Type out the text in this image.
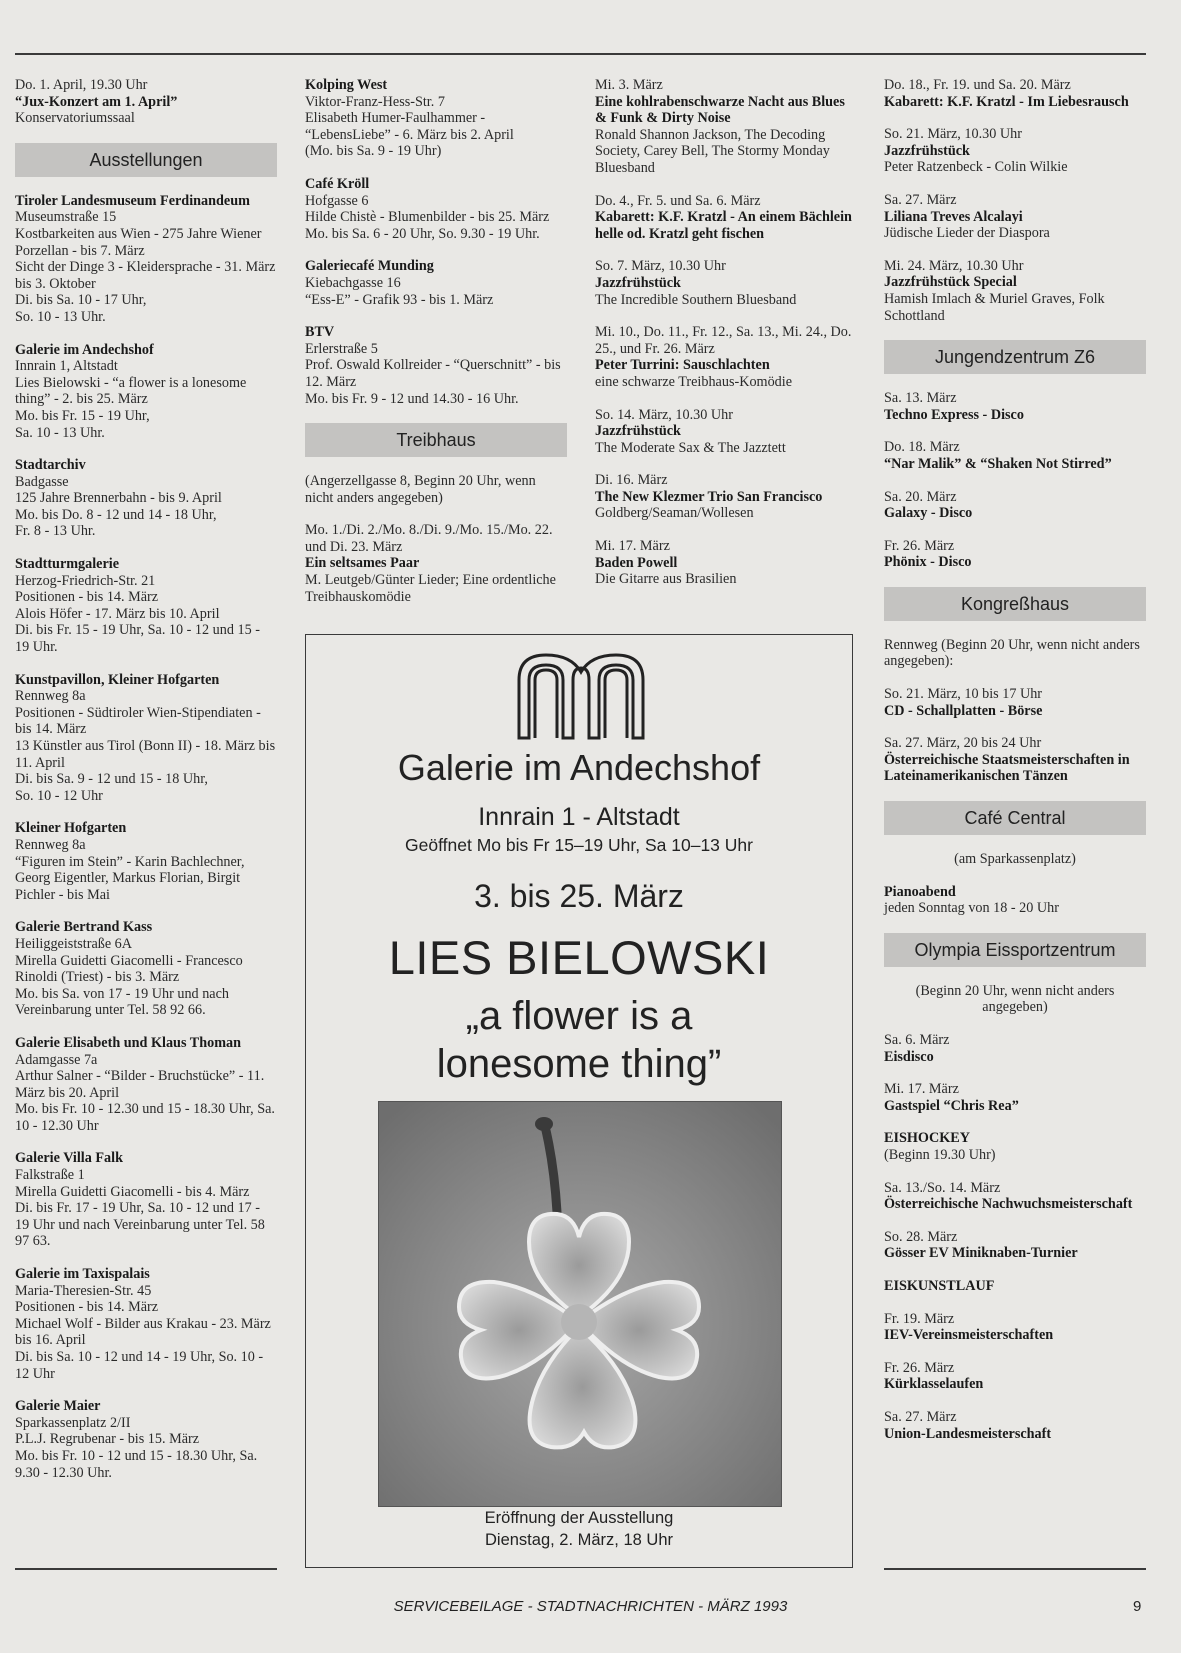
Do. 1. April, 19.30 Uhr
“Jux-Konzert am 1. April”
Konservatoriumssaal
Ausstellungen
Tiroler Landesmuseum Ferdinandeum
Museumstraße 15
Kostbarkeiten aus Wien - 275 Jahre Wiener Porzellan - bis 7. März
Sicht der Dinge 3 - Kleidersprache - 31. März bis 3. Oktober
Di. bis Sa. 10 - 17 Uhr,
So. 10 - 13 Uhr.
Galerie im Andechshof
Innrain 1, Altstadt
Lies Bielowski - “a flower is a lonesome thing” - 2. bis 25. März
Mo. bis Fr. 15 - 19 Uhr,
Sa. 10 - 13 Uhr.
Stadtarchiv
Badgasse
125 Jahre Brennerbahn - bis 9. April
Mo. bis Do. 8 - 12 und 14 - 18 Uhr,
Fr. 8 - 13 Uhr.
Stadtturmgalerie
Herzog-Friedrich-Str. 21
Positionen - bis 14. März
Alois Höfer - 17. März bis 10. April
Di. bis Fr. 15 - 19 Uhr, Sa. 10 - 12 und 15 - 19 Uhr.
Kunstpavillon, Kleiner Hofgarten
Rennweg 8a
Positionen - Südtiroler Wien-Stipendiaten - bis 14. März
13 Künstler aus Tirol (Bonn II) - 18. März bis 11. April
Di. bis Sa. 9 - 12 und 15 - 18 Uhr,
So. 10 - 12 Uhr
Kleiner Hofgarten
Rennweg 8a
“Figuren im Stein” - Karin Bachlechner, Georg Eigentler, Markus Florian, Birgit Pichler - bis Mai
Galerie Bertrand Kass
Heiliggeiststraße 6A
Mirella Guidetti Giacomelli - Francesco Rinoldi (Triest) - bis 3. März
Mo. bis Sa. von 17 - 19 Uhr und nach Vereinbarung unter Tel. 58 92 66.
Galerie Elisabeth und Klaus Thoman
Adamgasse 7a
Arthur Salner - “Bilder - Bruchstücke” - 11. März bis 20. April
Mo. bis Fr. 10 - 12.30 und 15 - 18.30 Uhr, Sa. 10 - 12.30 Uhr
Galerie Villa Falk
Falkstraße 1
Mirella Guidetti Giacomelli - bis 4. März
Di. bis Fr. 17 - 19 Uhr, Sa. 10 - 12 und 17 - 19 Uhr und nach Vereinbarung unter Tel. 58 97 63.
Galerie im Taxispalais
Maria-Theresien-Str. 45
Positionen - bis 14. März
Michael Wolf - Bilder aus Krakau - 23. März bis 16. April
Di. bis Sa. 10 - 12 und 14 - 19 Uhr, So. 10 - 12 Uhr
Galerie Maier
Sparkassenplatz 2/II
P.L.J. Regrubenar - bis 15. März
Mo. bis Fr. 10 - 12 und 15 - 18.30 Uhr, Sa. 9.30 - 12.30 Uhr.
Kolping West
Viktor-Franz-Hess-Str. 7
Elisabeth Humer-Faulhammer - “LebensLiebe” - 6. März bis 2. April
(Mo. bis Sa. 9 - 19 Uhr)
Café Kröll
Hofgasse 6
Hilde Chistè - Blumenbilder - bis 25. März
Mo. bis Sa. 6 - 20 Uhr, So. 9.30 - 19 Uhr.
Galeriecafé Munding
Kiebachgasse 16
“Ess-E” - Grafik 93 - bis 1. März
BTV
Erlerstraße 5
Prof. Oswald Kollreider - “Querschnitt” - bis 12. März
Mo. bis Fr. 9 - 12 und 14.30 - 16 Uhr.
Treibhaus
(Angerzellgasse 8, Beginn 20 Uhr, wenn nicht anders angegeben)
Mo. 1./Di. 2./Mo. 8./Di. 9./Mo. 15./Mo. 22. und Di. 23. März
Ein seltsames Paar
M. Leutgeb/Günter Lieder; Eine ordentliche Treibhauskomödie
Mi. 3. März
Eine kohlrabenschwarze Nacht aus Blues & Funk & Dirty Noise
Ronald Shannon Jackson, The Decoding Society, Carey Bell, The Stormy Monday Bluesband
Do. 4., Fr. 5. und Sa. 6. März
Kabarett: K.F. Kratzl - An einem Bächlein helle od. Kratzl geht fischen
So. 7. März, 10.30 Uhr
Jazzfrühstück
The Incredible Southern Bluesband
Mi. 10., Do. 11., Fr. 12., Sa. 13., Mi. 24., Do. 25., und Fr. 26. März
Peter Turrini: Sauschlachten
eine schwarze Treibhaus-Komödie
So. 14. März, 10.30 Uhr
Jazzfrühstück
The Moderate Sax & The Jazztett
Di. 16. März
The New Klezmer Trio San Francisco
Goldberg/Seaman/Wollesen
Mi. 17. März
Baden Powell
Die Gitarre aus Brasilien
Do. 18., Fr. 19. und Sa. 20. März
Kabarett: K.F. Kratzl - Im Liebesrausch
So. 21. März, 10.30 Uhr
Jazzfrühstück
Peter Ratzenbeck - Colin Wilkie
Sa. 27. März
Liliana Treves Alcalayi
Jüdische Lieder der Diaspora
Mi. 24. März, 10.30 Uhr
Jazzfrühstück Special
Hamish Imlach & Muriel Graves, Folk Schottland
Jungendzentrum Z6
Sa. 13. März
Techno Express - Disco
Do. 18. März
“Nar Malik” & “Shaken Not Stirred”
Sa. 20. März
Galaxy - Disco
Fr. 26. März
Phönix - Disco
Kongreßhaus
Rennweg (Beginn 20 Uhr, wenn nicht anders angegeben):
So. 21. März, 10 bis 17 Uhr
CD - Schallplatten - Börse
Sa. 27. März, 20 bis 24 Uhr
Österreichische Staatsmeisterschaften in Lateinamerikanischen Tänzen
Café Central
(am Sparkassenplatz)
Pianoabend
jeden Sonntag von 18 - 20 Uhr
Olympia Eissportzentrum
(Beginn 20 Uhr, wenn nicht anders angegeben)
Sa. 6. März
Eisdisco
Mi. 17. März
Gastspiel “Chris Rea”
EISHOCKEY
(Beginn 19.30 Uhr)
Sa. 13./So. 14. März
Österreichische Nachwuchsmeisterschaft
So. 28. März
Gösser EV Miniknaben-Turnier
EISKUNSTLAUF
Fr. 19. März
IEV-Vereinsmeisterschaften
Fr. 26. März
Kürklasselaufen
Sa. 27. März
Union-Landesmeisterschaft
Galerie im Andechshof
Innrain 1 - Altstadt
Geöffnet Mo bis Fr 15–19 Uhr, Sa 10–13 Uhr
3. bis 25. März
LIES BIELOWSKI
„a flower is a
lonesome thing”
Eröffnung der Ausstellung
Dienstag, 2. März, 18 Uhr
SERVICEBEILAGE - STADTNACHRICHTEN - MÄRZ 1993	9
